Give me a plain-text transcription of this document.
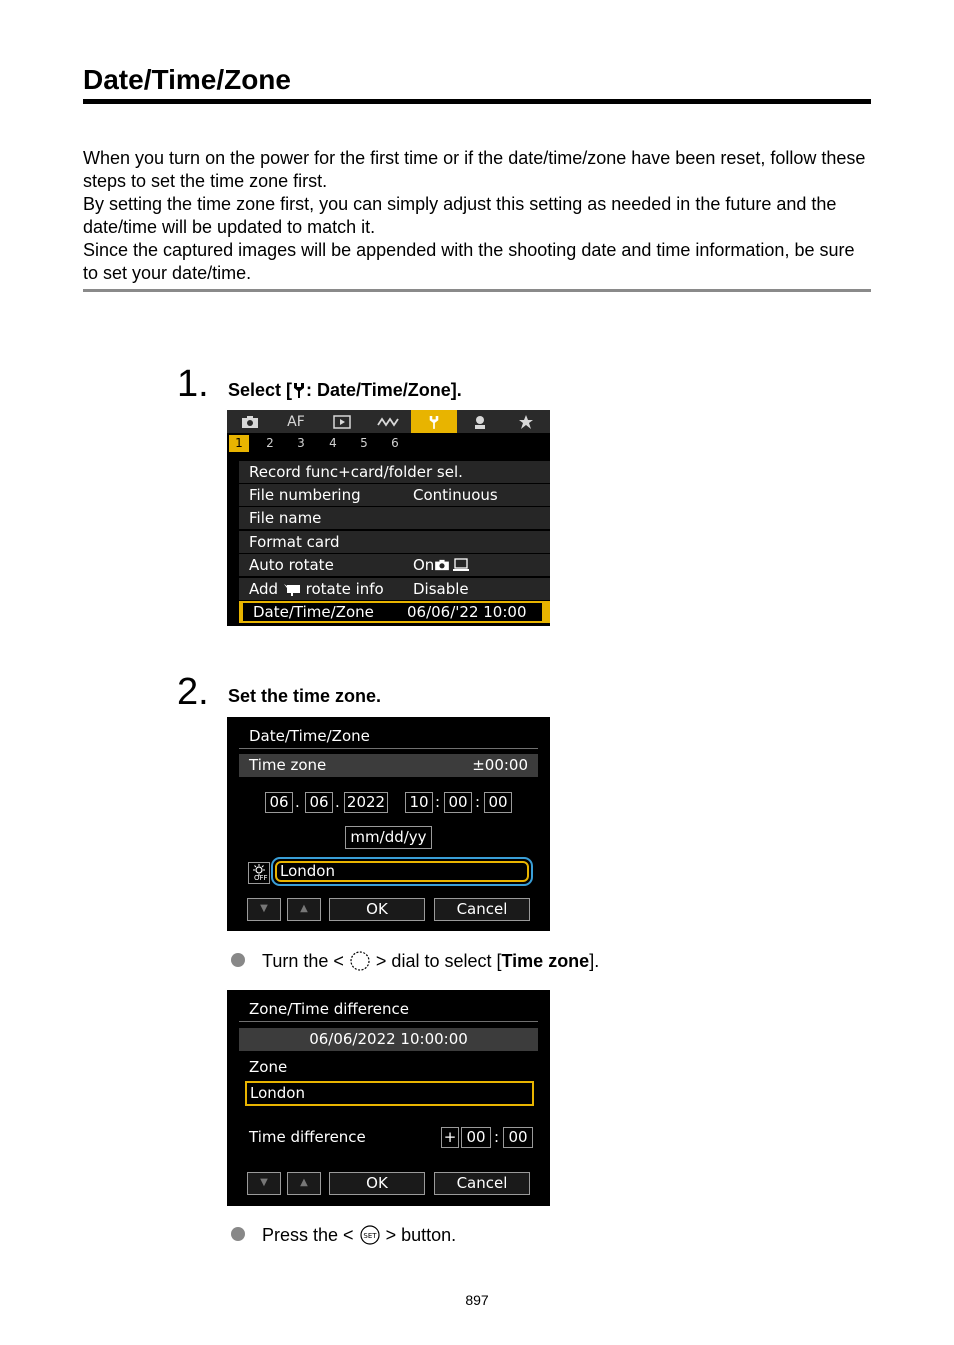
Date/Time/Zone

When you turn on the power for the first time or if the date/time/zone have been reset, follow these steps to set the time zone first.

By setting the time zone first, you can simply adjust this setting as needed in the future and the date/time will be updated to match it.

Since the captured images will be appended with the shooting date and time information, be sure to set your date/time.

1. Select [ : Date/Time/Zone].
AF
1	2	3	4	5	6
Record func+card/folder sel.
File numbering	Continuous
File name
Format card
Auto rotate	On
Add rotate info Disable
Date/Time/Zone 06/06/'22 10:00
2. Set the time zone.
Date/Time/Zone
Time zone	±00:00
06 . 06 . 2022 10 : 00 : 00
mm/dd/yy
OFF London
▼	▲	OK	Cancel
Turn the < > dial to select [Time zone].
Zone/Time difference
06/06/2022 10:00:00
Zone
London
Time difference	+ 00 : 00
▼	▲	OK	Cancel
Press the < SET > button.
897
